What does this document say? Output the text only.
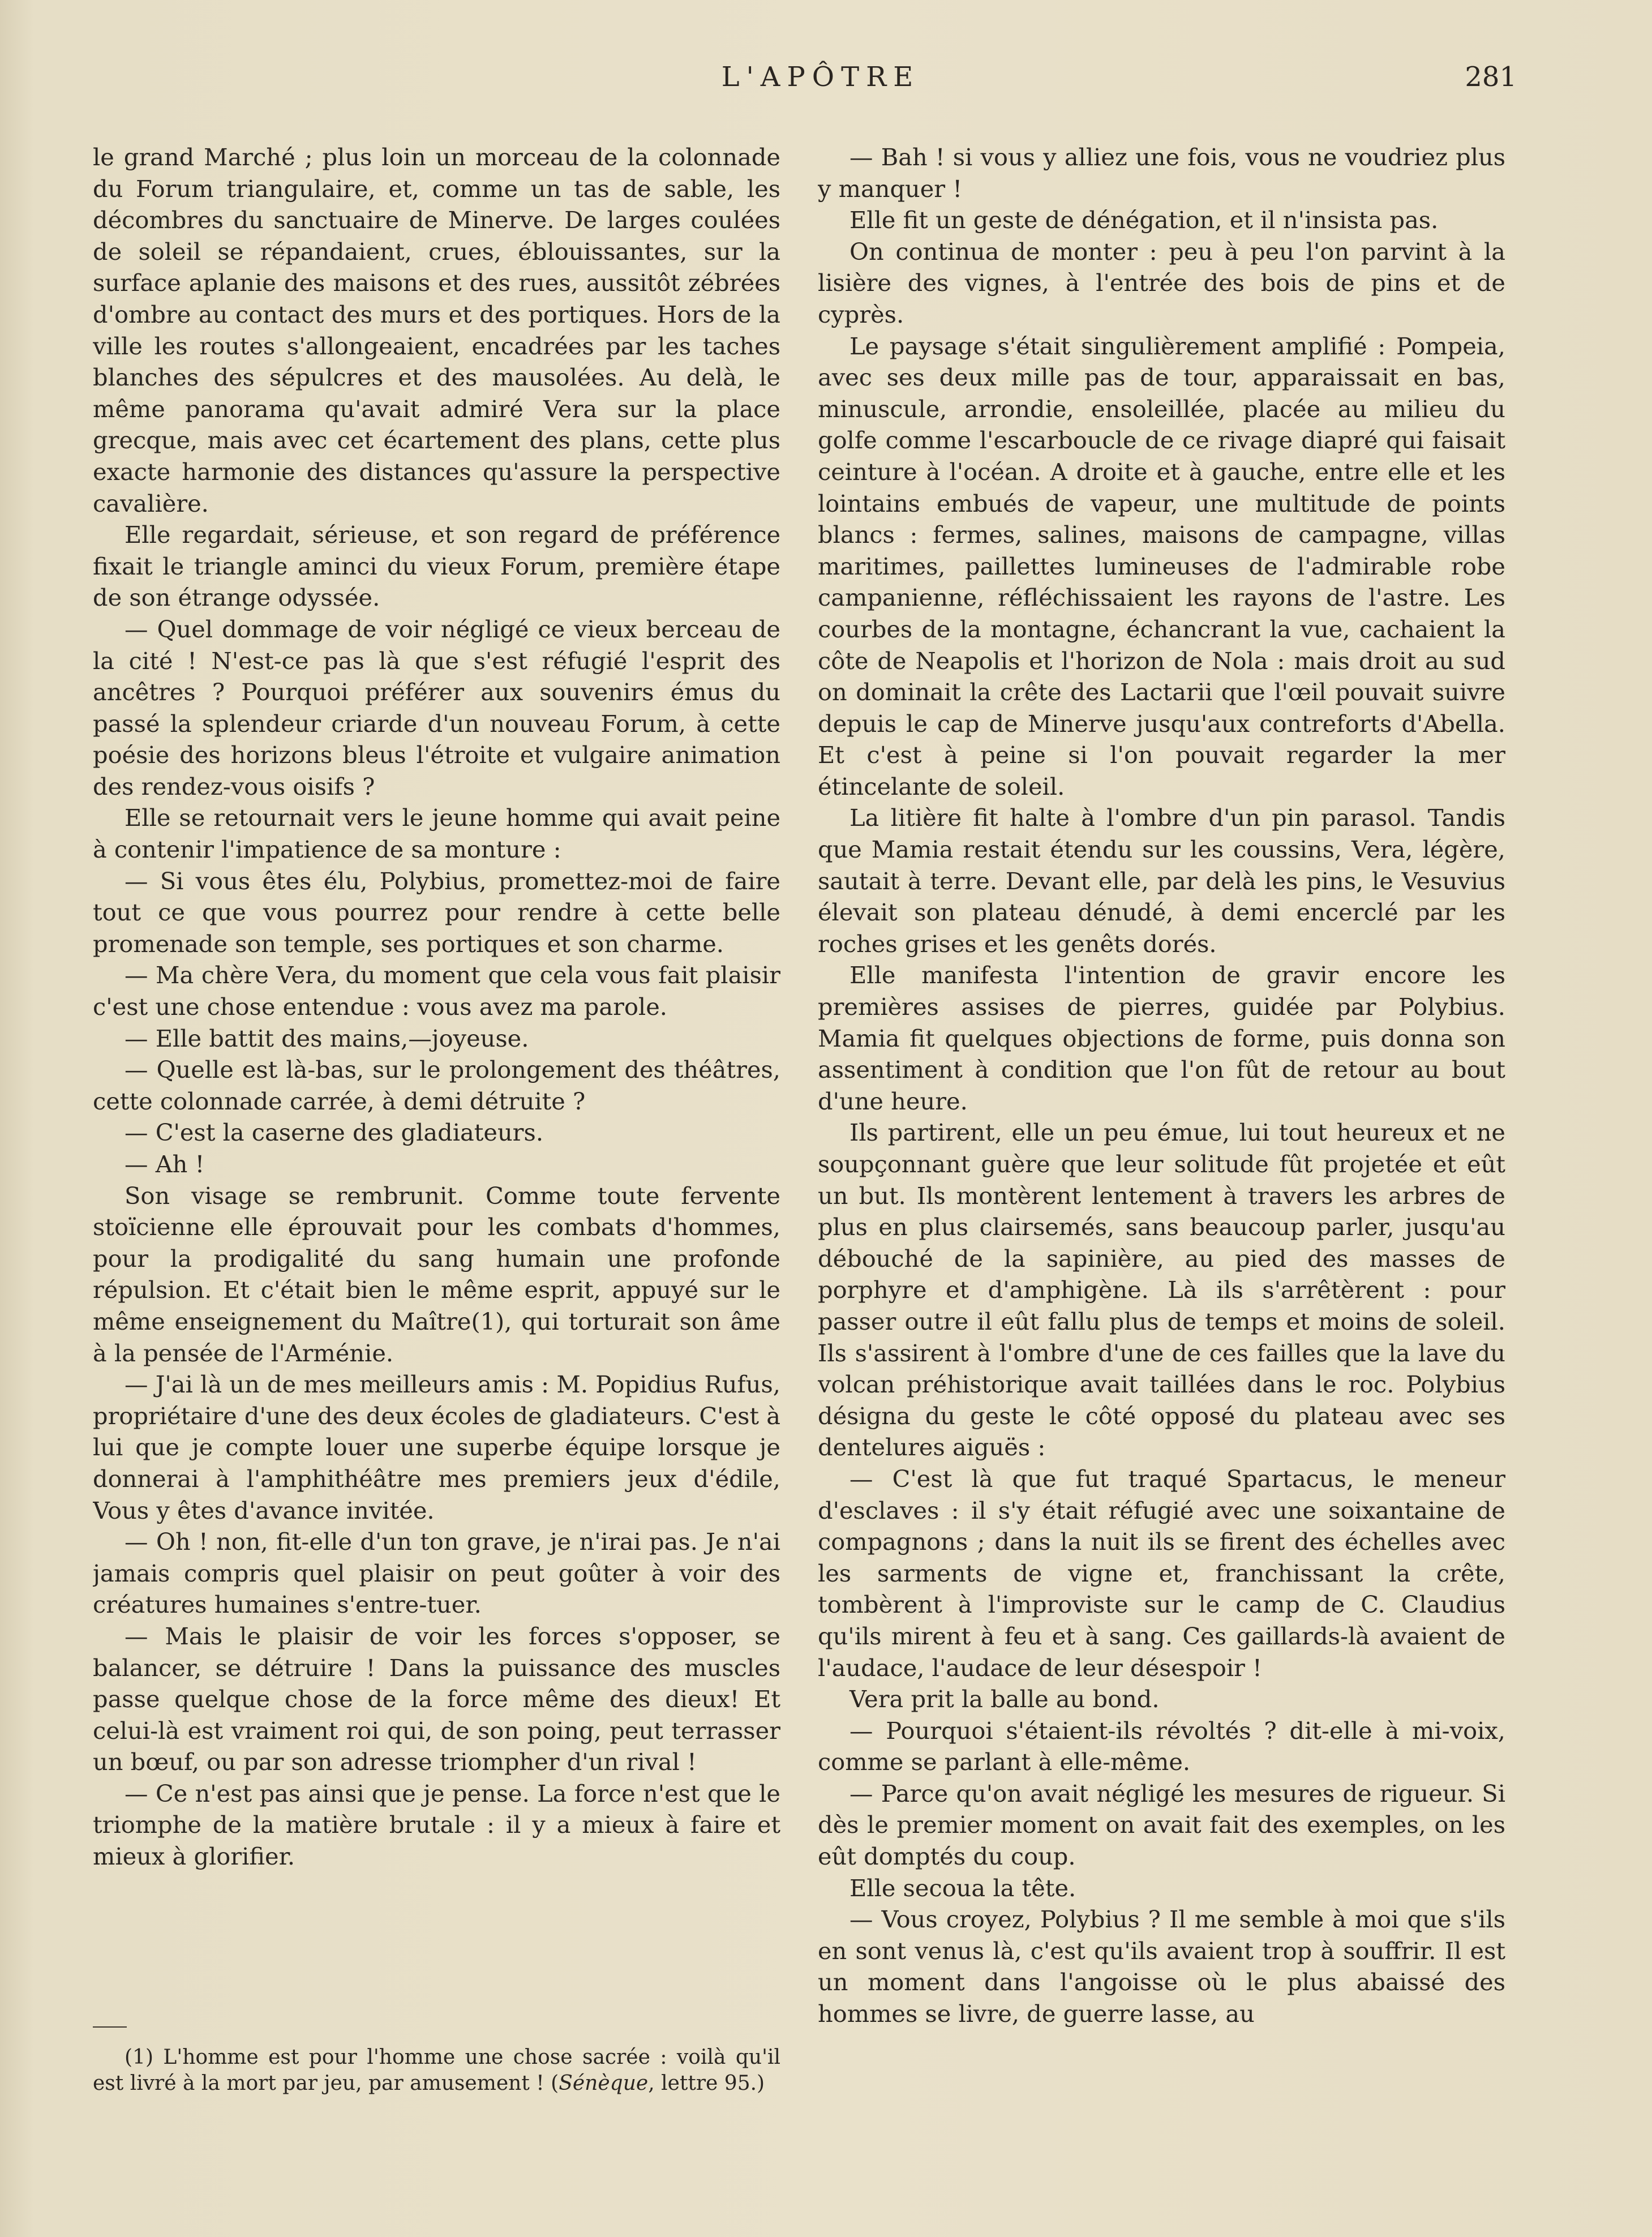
L'APÔTRE	281

le grand Marché ; plus loin un morceau de la colonnade du Forum triangulaire, et, comme un tas de sable, les décombres du sanctuaire de Minerve. De larges coulées de soleil se répandaient, crues, éblouissantes, sur la surface aplanie des maisons et des rues, aussitôt zébrées d'ombre au contact des murs et des portiques. Hors de la ville les routes s'allongeaient, encadrées par les taches blanches des sépulcres et des mausolées. Au delà, le même panorama qu'avait admiré Vera sur la place grecque, mais avec cet écartement des plans, cette plus exacte harmonie des distances qu'assure la perspective cavalière.

Elle regardait, sérieuse, et son regard de préférence fixait le triangle aminci du vieux Forum, première étape de son étrange odyssée.

— Quel dommage de voir négligé ce vieux berceau de la cité ! N'est-ce pas là que s'est réfugié l'esprit des ancêtres ? Pourquoi préférer aux souvenirs émus du passé la splendeur criarde d'un nouveau Forum, à cette poésie des horizons bleus l'étroite et vulgaire animation des rendez-vous oisifs ?

Elle se retournait vers le jeune homme qui avait peine à contenir l'impatience de sa monture :

— Si vous êtes élu, Polybius, promettez-moi de faire tout ce que vous pourrez pour rendre à cette belle promenade son temple, ses portiques et son charme.

— Ma chère Vera, du moment que cela vous fait plaisir c'est une chose entendue : vous avez ma parole.

— Elle battit des mains,—joyeuse.

— Quelle est là-bas, sur le prolongement des théâtres, cette colonnade carrée, à demi détruite ?

— C'est la caserne des gladiateurs.

— Ah !

Son visage se rembrunit. Comme toute fervente stoïcienne elle éprouvait pour les combats d'hommes, pour la prodigalité du sang humain une profonde répulsion. Et c'était bien le même esprit, appuyé sur le même enseignement du Maître(1), qui torturait son âme à la pensée de l'Arménie.

— J'ai là un de mes meilleurs amis : M. Popidius Rufus, propriétaire d'une des deux écoles de gladiateurs. C'est à lui que je compte louer une superbe équipe lorsque je donnerai à l'amphithéâtre mes premiers jeux d'édile, Vous y êtes d'avance invitée.

— Oh ! non, fit-elle d'un ton grave, je n'irai pas. Je n'ai jamais compris quel plaisir on peut goûter à voir des créatures humaines s'entre-tuer.

— Mais le plaisir de voir les forces s'opposer, se balancer, se détruire ! Dans la puissance des muscles passe quelque chose de la force même des dieux! Et celui-là est vraiment roi qui, de son poing, peut terrasser un bœuf, ou par son adresse triompher d'un rival !

— Ce n'est pas ainsi que je pense. La force n'est que le triomphe de la matière brutale : il y a mieux à faire et mieux à glorifier.

(1) L'homme est pour l'homme une chose sacrée : voilà qu'il est livré à la mort par jeu, par amusement ! (Sénèque, lettre 95.)

— Bah ! si vous y alliez une fois, vous ne voudriez plus y manquer !

Elle fit un geste de dénégation, et il n'insista pas.

On continua de monter : peu à peu l'on parvint à la lisière des vignes, à l'entrée des bois de pins et de cyprès.

Le paysage s'était singulièrement amplifié : Pompeia, avec ses deux mille pas de tour, apparaissait en bas, minuscule, arrondie, ensoleillée, placée au milieu du golfe comme l'escarboucle de ce rivage diapré qui faisait ceinture à l'océan. A droite et à gauche, entre elle et les lointains embués de vapeur, une multitude de points blancs : fermes, salines, maisons de campagne, villas maritimes, paillettes lumineuses de l'admirable robe campanienne, réfléchissaient les rayons de l'astre. Les courbes de la montagne, échancrant la vue, cachaient la côte de Neapolis et l'horizon de Nola : mais droit au sud on dominait la crête des Lactarii que l'œil pouvait suivre depuis le cap de Minerve jusqu'aux contreforts d'Abella. Et c'est à peine si l'on pouvait regarder la mer étincelante de soleil.

La litière fit halte à l'ombre d'un pin parasol. Tandis que Mamia restait étendu sur les coussins, Vera, légère, sautait à terre. Devant elle, par delà les pins, le Vesuvius élevait son plateau dénudé, à demi encerclé par les roches grises et les genêts dorés.

Elle manifesta l'intention de gravir encore les premières assises de pierres, guidée par Polybius. Mamia fit quelques objections de forme, puis donna son assentiment à condition que l'on fût de retour au bout d'une heure.

Ils partirent, elle un peu émue, lui tout heureux et ne soupçonnant guère que leur solitude fût projetée et eût un but. Ils montèrent lentement à travers les arbres de plus en plus clairsemés, sans beaucoup parler, jusqu'au débouché de la sapinière, au pied des masses de porphyre et d'amphigène. Là ils s'arrêtèrent : pour passer outre il eût fallu plus de temps et moins de soleil. Ils s'assirent à l'ombre d'une de ces failles que la lave du volcan préhistorique avait taillées dans le roc. Polybius désigna du geste le côté opposé du plateau avec ses dentelures aiguës :

— C'est là que fut traqué Spartacus, le meneur d'esclaves : il s'y était réfugié avec une soixantaine de compagnons ; dans la nuit ils se firent des échelles avec les sarments de vigne et, franchissant la crête, tombèrent à l'improviste sur le camp de C. Claudius qu'ils mirent à feu et à sang. Ces gaillards-là avaient de l'audace, l'audace de leur désespoir !

Vera prit la balle au bond.

— Pourquoi s'étaient-ils révoltés ? dit-elle à mi-voix, comme se parlant à elle-même.

— Parce qu'on avait négligé les mesures de rigueur. Si dès le premier moment on avait fait des exemples, on les eût domptés du coup.

Elle secoua la tête.

— Vous croyez, Polybius ? Il me semble à moi que s'ils en sont venus là, c'est qu'ils avaient trop à souffrir. Il est un moment dans l'angoisse où le plus abaissé des hommes se livre, de guerre lasse, au
